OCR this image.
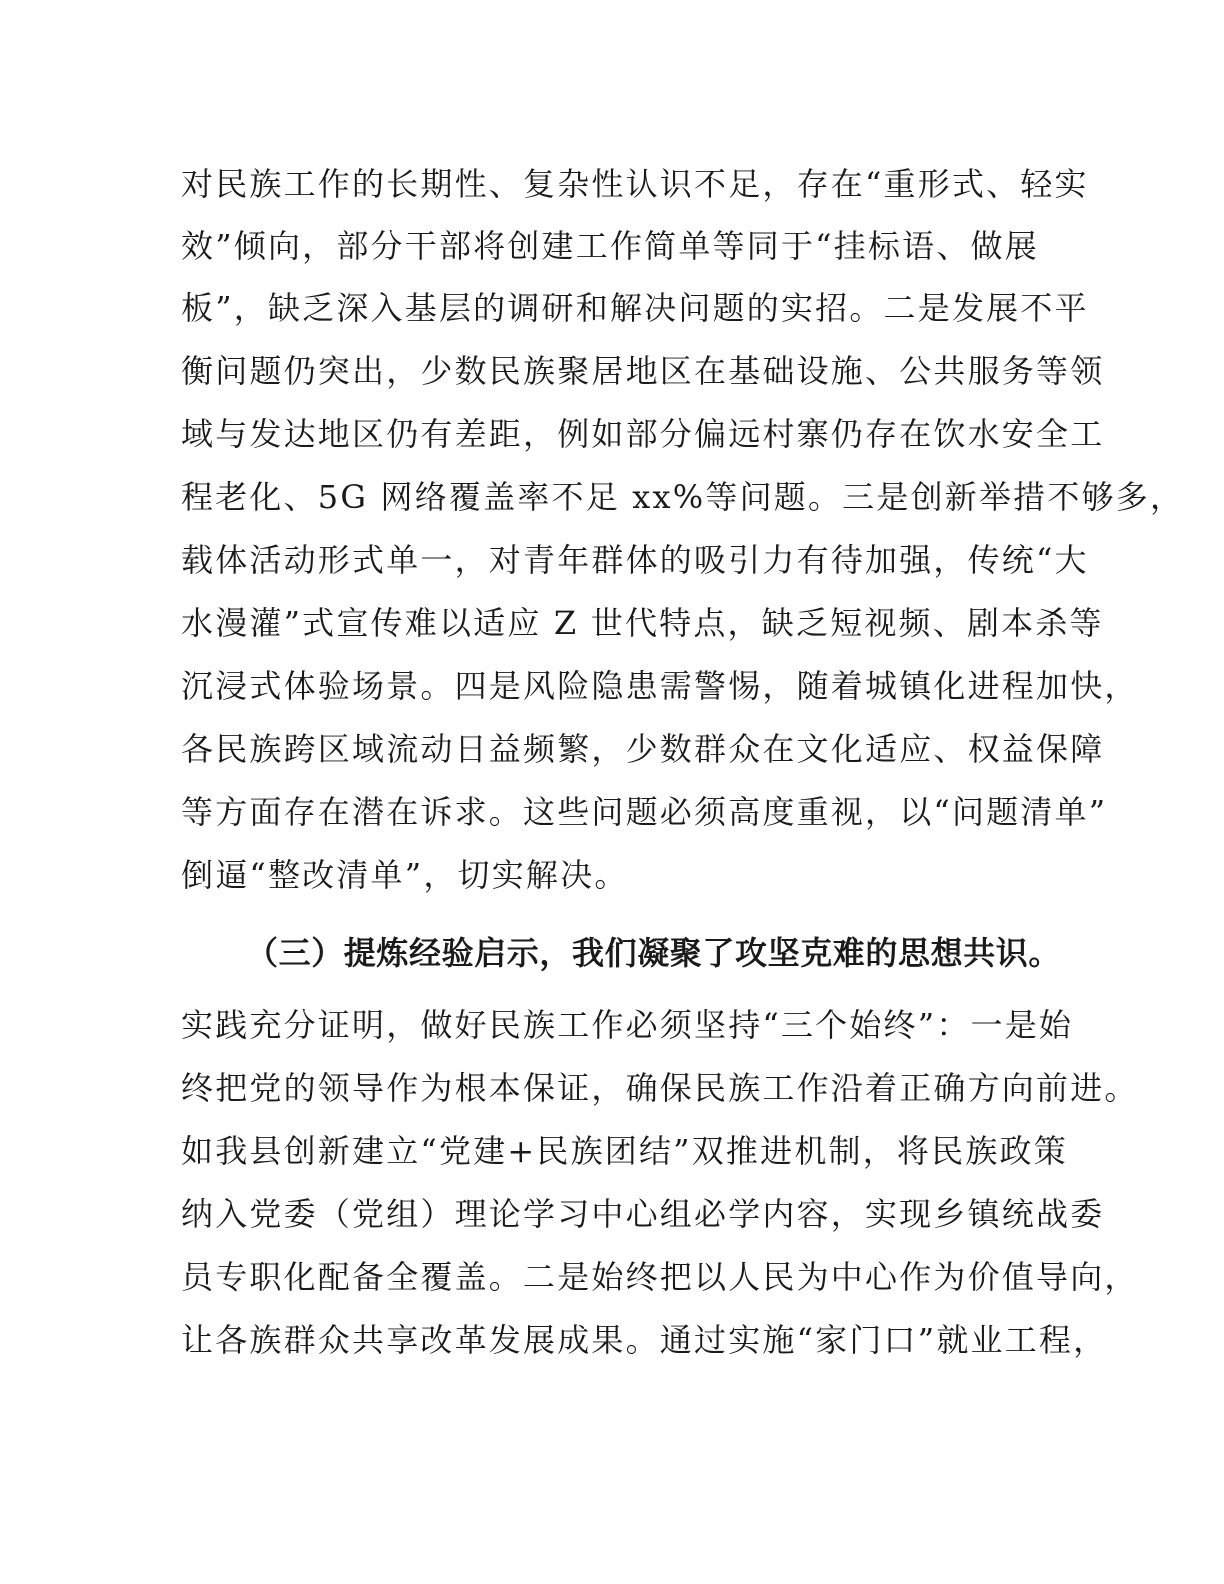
对民族工作的长期性、复杂性认识不足，存在“重形式、轻实
效”倾向，部分干部将创建工作简单等同于“挂标语、做展
板”，缺乏深入基层的调研和解决问题的实招。二是发展不平
衡问题仍突出，少数民族聚居地区在基础设施、公共服务等领
域与发达地区仍有差距，例如部分偏远村寨仍存在饮水安全工
程老化、5G 网络覆盖率不足 xx%等问题。三是创新举措不够多，
载体活动形式单一，对青年群体的吸引力有待加强，传统“大
水漫灌”式宣传难以适应 Z 世代特点，缺乏短视频、剧本杀等
沉浸式体验场景。四是风险隐患需警惕，随着城镇化进程加快，
各民族跨区域流动日益频繁，少数群众在文化适应、权益保障
等方面存在潜在诉求。这些问题必须高度重视，以“问题清单”
倒逼“整改清单”，切实解决。
（三）提炼经验启示，我们凝聚了攻坚克难的思想共识。
实践充分证明，做好民族工作必须坚持“三个始终”：一是始
终把党的领导作为根本保证，确保民族工作沿着正确方向前进。
如我县创新建立“党建+民族团结”双推进机制，将民族政策
纳入党委（党组）理论学习中心组必学内容，实现乡镇统战委
员专职化配备全覆盖。二是始终把以人民为中心作为价值导向，
让各族群众共享改革发展成果。通过实施“家门口”就业工程，
